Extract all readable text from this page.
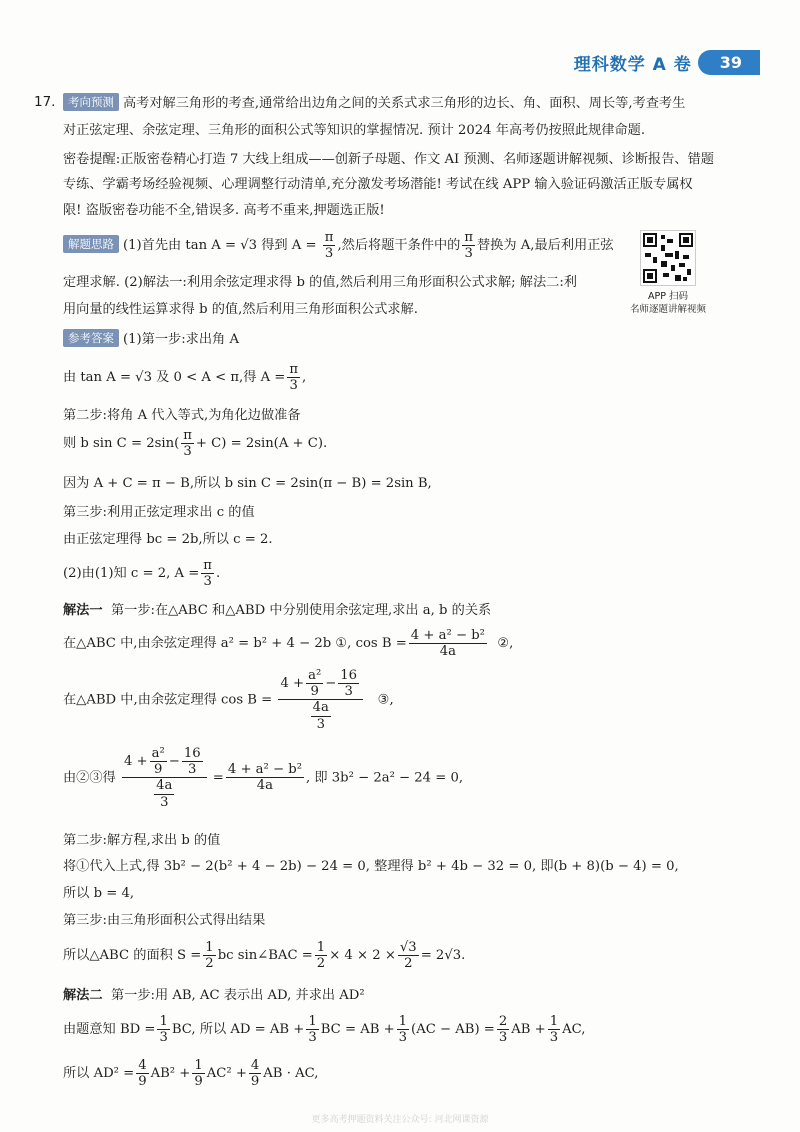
理科数学 A 卷	39
17.	考向预测 高考对解三角形的考查,通常给出边角之间的关系式求三角形的边长、角、面积、周长等,考查考生
对正弦定理、余弦定理、三角形的面积公式等知识的掌握情况. 预计 2024 年高考仍按照此规律命题.
密卷提醒:正版密卷精心打造 7 大线上组成——创新子母题、作文 AI 预测、名师逐题讲解视频、诊断报告、错题
专练、学霸考场经验视频、心理调整行动清单,充分激发考场潜能! 考试在线 APP 输入验证码激活正版专属权
限! 盗版密卷功能不全,错误多. 高考不重来,押题选正版!
解题思路 (1)首先由 tan A = √3 得到 $A = \frac{\pi}{3}$ ,然后将题干条件中的 $\frac{\pi}{3}$ 替换为 A,最后利用正弦
定理求解. (2)解法一:利用余弦定理求得 b 的值,然后利用三角形面积公式求解; 解法二:利
用向量的线性运算求得 b 的值,然后利用三角形面积公式求解.
APP 扫码
名师逐题讲解视频
参考答案 (1)第一步:求出角 A
由 tan A = √3 及 0 < A < π,得 $A = \frac{\pi}{3}$ ,
第二步:将角 A 代入等式,为角化边做准备
则 b $\sin C = 2\sin( \frac{\pi}{3} + C) = 2\sin(A + C)$.
因为 A + C = π − B,所以 b sin C = 2sin(π − B) = 2sin B,
第三步:利用正弦定理求出 c 的值
由正弦定理得 bc = 2b,所以 c = 2.
(2)由(1)知 c = 2, $A = \frac{\pi}{3}$ .
解法一 第一步:在△ABC 和△ABD 中分别使用余弦定理,求出 a, b 的关系
在△ABC 中,由余弦定理得 a² = b² + 4 − 2b ①, $\cos B = \frac{\text{4 + a² − b²}}{4a}$ ②,
在△ABD 中,由余弦定理得 $\cos B = \frac{4 + \frac{\text{a²}}{9} - \frac{16}{3}}{\frac{4a}{3}}$ ③,
由②③得 $\frac{4 + \frac{\text{a²}}{9} - \frac{16}{3}}{\frac{4a}{3}} = \frac{\text{4 + a² − b²}}{4a}$ , 即 3b² − 2a² − 24 = 0,
第二步:解方程,求出 b 的值
将①代入上式,得 3b² − 2(b² + 4 − 2b) − 24 = 0, 整理得 b² + 4b − 32 = 0, 即(b + 8)(b − 4) = 0,
所以 b = 4,
第三步:由三角形面积公式得出结果
所以△ABC 的面积 $S = \frac{1}{2}$ bc sin∠BAC = $\frac{1}{2} \times 4 \times 2 \times \frac{√3}{2} = 2√3$.
解法二 第一步:用 AB, AC 表示出 AD, 并求出 AD²
由题意知 BD = $\frac{1}{3}$ BC, 所以 AD = AB + $\frac{1}{3}$ BC = AB + $\frac{1}{3} (AC - AB) = \frac{2}{3}$ AB + $\frac{1}{3}$ AC,
所以 $AD^2 = \frac{4}{9} AB^2 + \frac{1}{9} AC^2 + \frac{4}{9}$ AB · AC,
更多高考押题资料关注公众号: 河北网课资源
